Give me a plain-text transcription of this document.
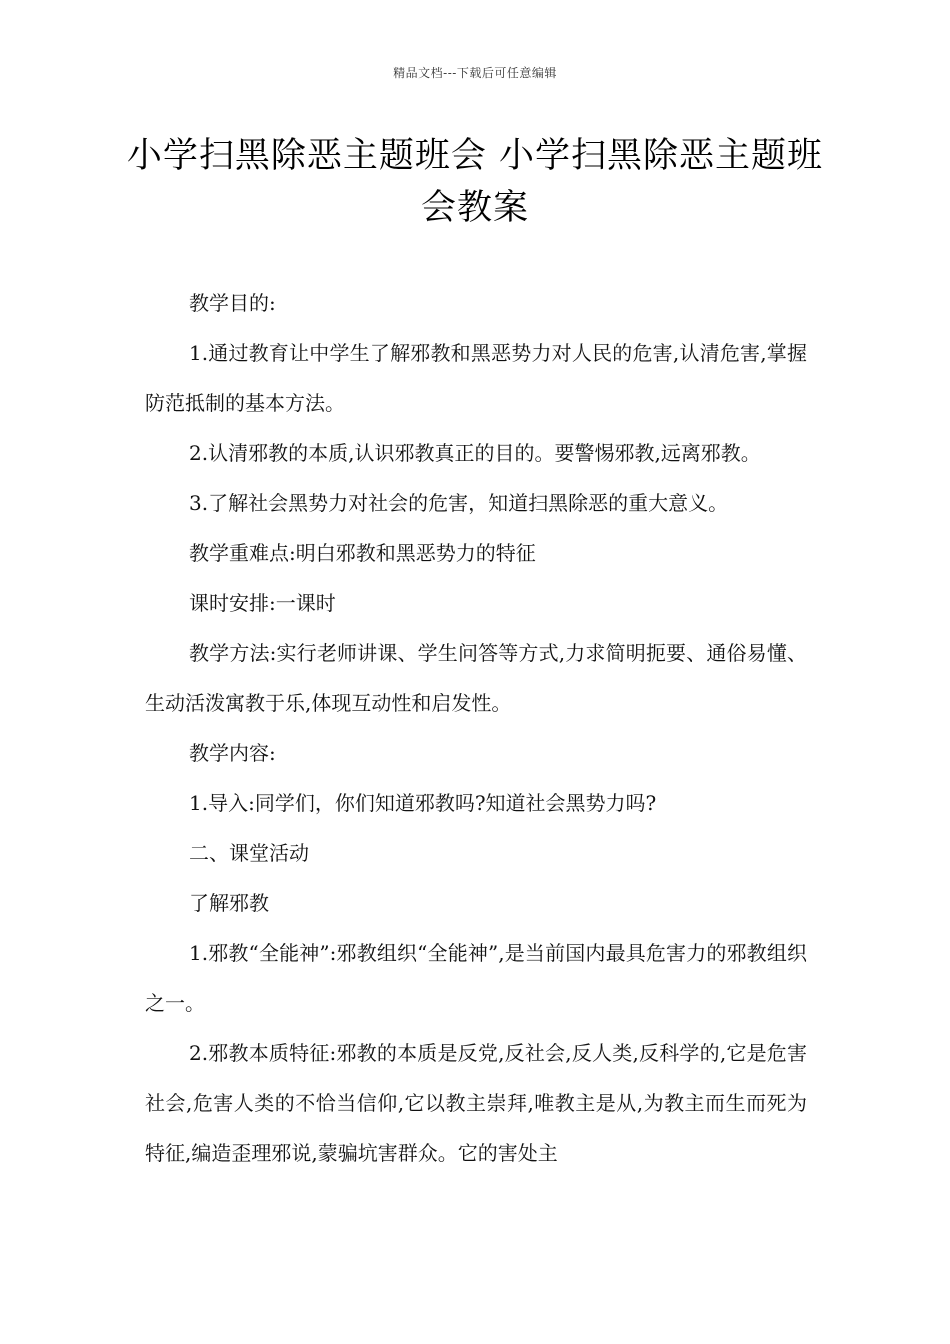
精品文档---下载后可任意编辑
小学扫黑除恶主题班会 小学扫黑除恶主题班会教案

教学目的:

1.通过教育让中学生了解邪教和黑恶势力对人民的危害,认清危害,掌握防范抵制的基本方法。

2.认清邪教的本质,认识邪教真正的目的。要警惕邪教,远离邪教。

3.了解社会黑势力对社会的危害，知道扫黑除恶的重大意义。

教学重难点:明白邪教和黑恶势力的特征

课时安排:一课时

教学方法:实行老师讲课、学生问答等方式,力求简明扼要、通俗易懂、生动活泼寓教于乐,体现互动性和启发性。

教学内容:

1.导入:同学们，你们知道邪教吗?知道社会黑势力吗?

二、课堂活动

了解邪教

1.邪教“全能神”:邪教组织“全能神”,是当前国内最具危害力的邪教组织之一。

2.邪教本质特征:邪教的本质是反党,反社会,反人类,反科学的,它是危害社会,危害人类的不恰当信仰,它以教主崇拜,唯教主是从,为教主而生而死为特征,编造歪理邪说,蒙骗坑害群众。它的害处主
